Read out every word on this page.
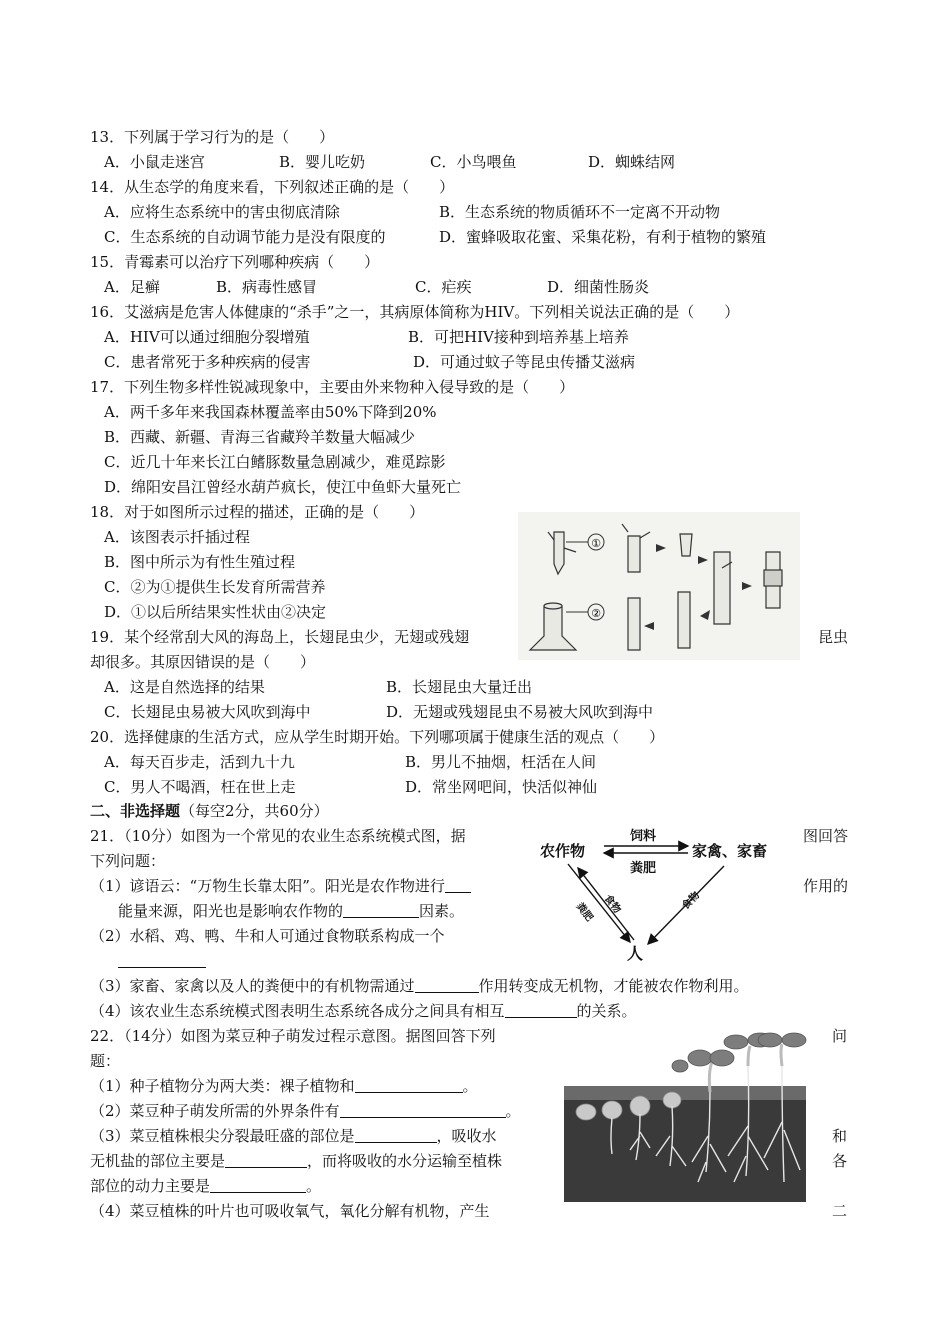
13．下列属于学习行为的是（　　）
A．小鼠走迷宫	B．婴儿吃奶	C．小鸟喂鱼	D．蜘蛛结网
14．从生态学的角度来看，下列叙述正确的是（　　）
A．应将生态系统中的害虫彻底清除	B．生态系统的物质循环不一定离不开动物
C．生态系统的自动调节能力是没有限度的	D．蜜蜂吸取花蜜、采集花粉，有利于植物的繁殖
15．青霉素可以治疗下列哪种疾病（　　）
A．足癣	B．病毒性感冒	C．疟疾	D．细菌性肠炎
16．艾滋病是危害人体健康的“杀手”之一，其病原体简称为HIV。下列相关说法正确的是（　　）
A．HIV可以通过细胞分裂增殖	B．可把HIV接种到培养基上培养
C．患者常死于多种疾病的侵害	D．可通过蚊子等昆虫传播艾滋病
17．下列生物多样性锐减现象中，主要由外来物种入侵导致的是（　　）
A．两千多年来我国森林覆盖率由50%下降到20%
B．西藏、新疆、青海三省藏羚羊数量大幅减少
C．近几十年来长江白鳍豚数量急剧减少，难觅踪影
D．绵阳安昌江曾经水葫芦疯长，使江中鱼虾大量死亡
18．对于如图所示过程的描述，正确的是（　　）
A．该图表示扦插过程
B．图中所示为有性生殖过程
C．②为①提供生长发育所需营养
D．①以后所结果实性状由②决定
①
②
19．某个经常刮大风的海岛上，长翅昆虫少，无翅或残翅	昆虫
却很多。其原因错误的是（　　）
A．这是自然选择的结果	B．长翅昆虫大量迁出
C．长翅昆虫易被大风吹到海中	D．无翅或残翅昆虫不易被大风吹到海中
20．选择健康的生活方式，应从学生时期开始。下列哪项属于健康生活的观点（　　）
A．每天百步走，活到九十九	B．男儿不抽烟，枉活在人间
C．男人不喝酒，枉在世上走	D．常坐网吧间，快活似神仙
二、非选择题（每空2分，共60分）
21．（10分）如图为一个常见的农业生态系统模式图，据	图回答
下列问题：
（1）谚语云：“万物生长靠太阳”。阳光是农作物进行	作用的
能量来源，阳光也是影响农作物的	因素。
（2）水稻、鸡、鸭、牛和人可通过食物联系构成一个
（3）家畜、家禽以及人的粪便中的有机物需通过	作用转变成无机物，才能被农作物利用。
（4）该农业生态系统模式图表明生态系统各成分之间具有相互	的关系。
农作物	家禽、家畜
人
饲料
粪肥
食物
粪肥
食物
22．（14分）如图为菜豆种子萌发过程示意图。据图回答下列	问
题：
（1）种子植物分为两大类：裸子植物和	。
（2）菜豆种子萌发所需的外界条件有	。
（3）菜豆植株根尖分裂最旺盛的部位是	，吸收水	和
无机盐的部位主要是	，而将吸收的水分运输至植株	各
部位的动力主要是	。
（4）菜豆植株的叶片也可吸收氧气，氧化分解有机物，产生	二
